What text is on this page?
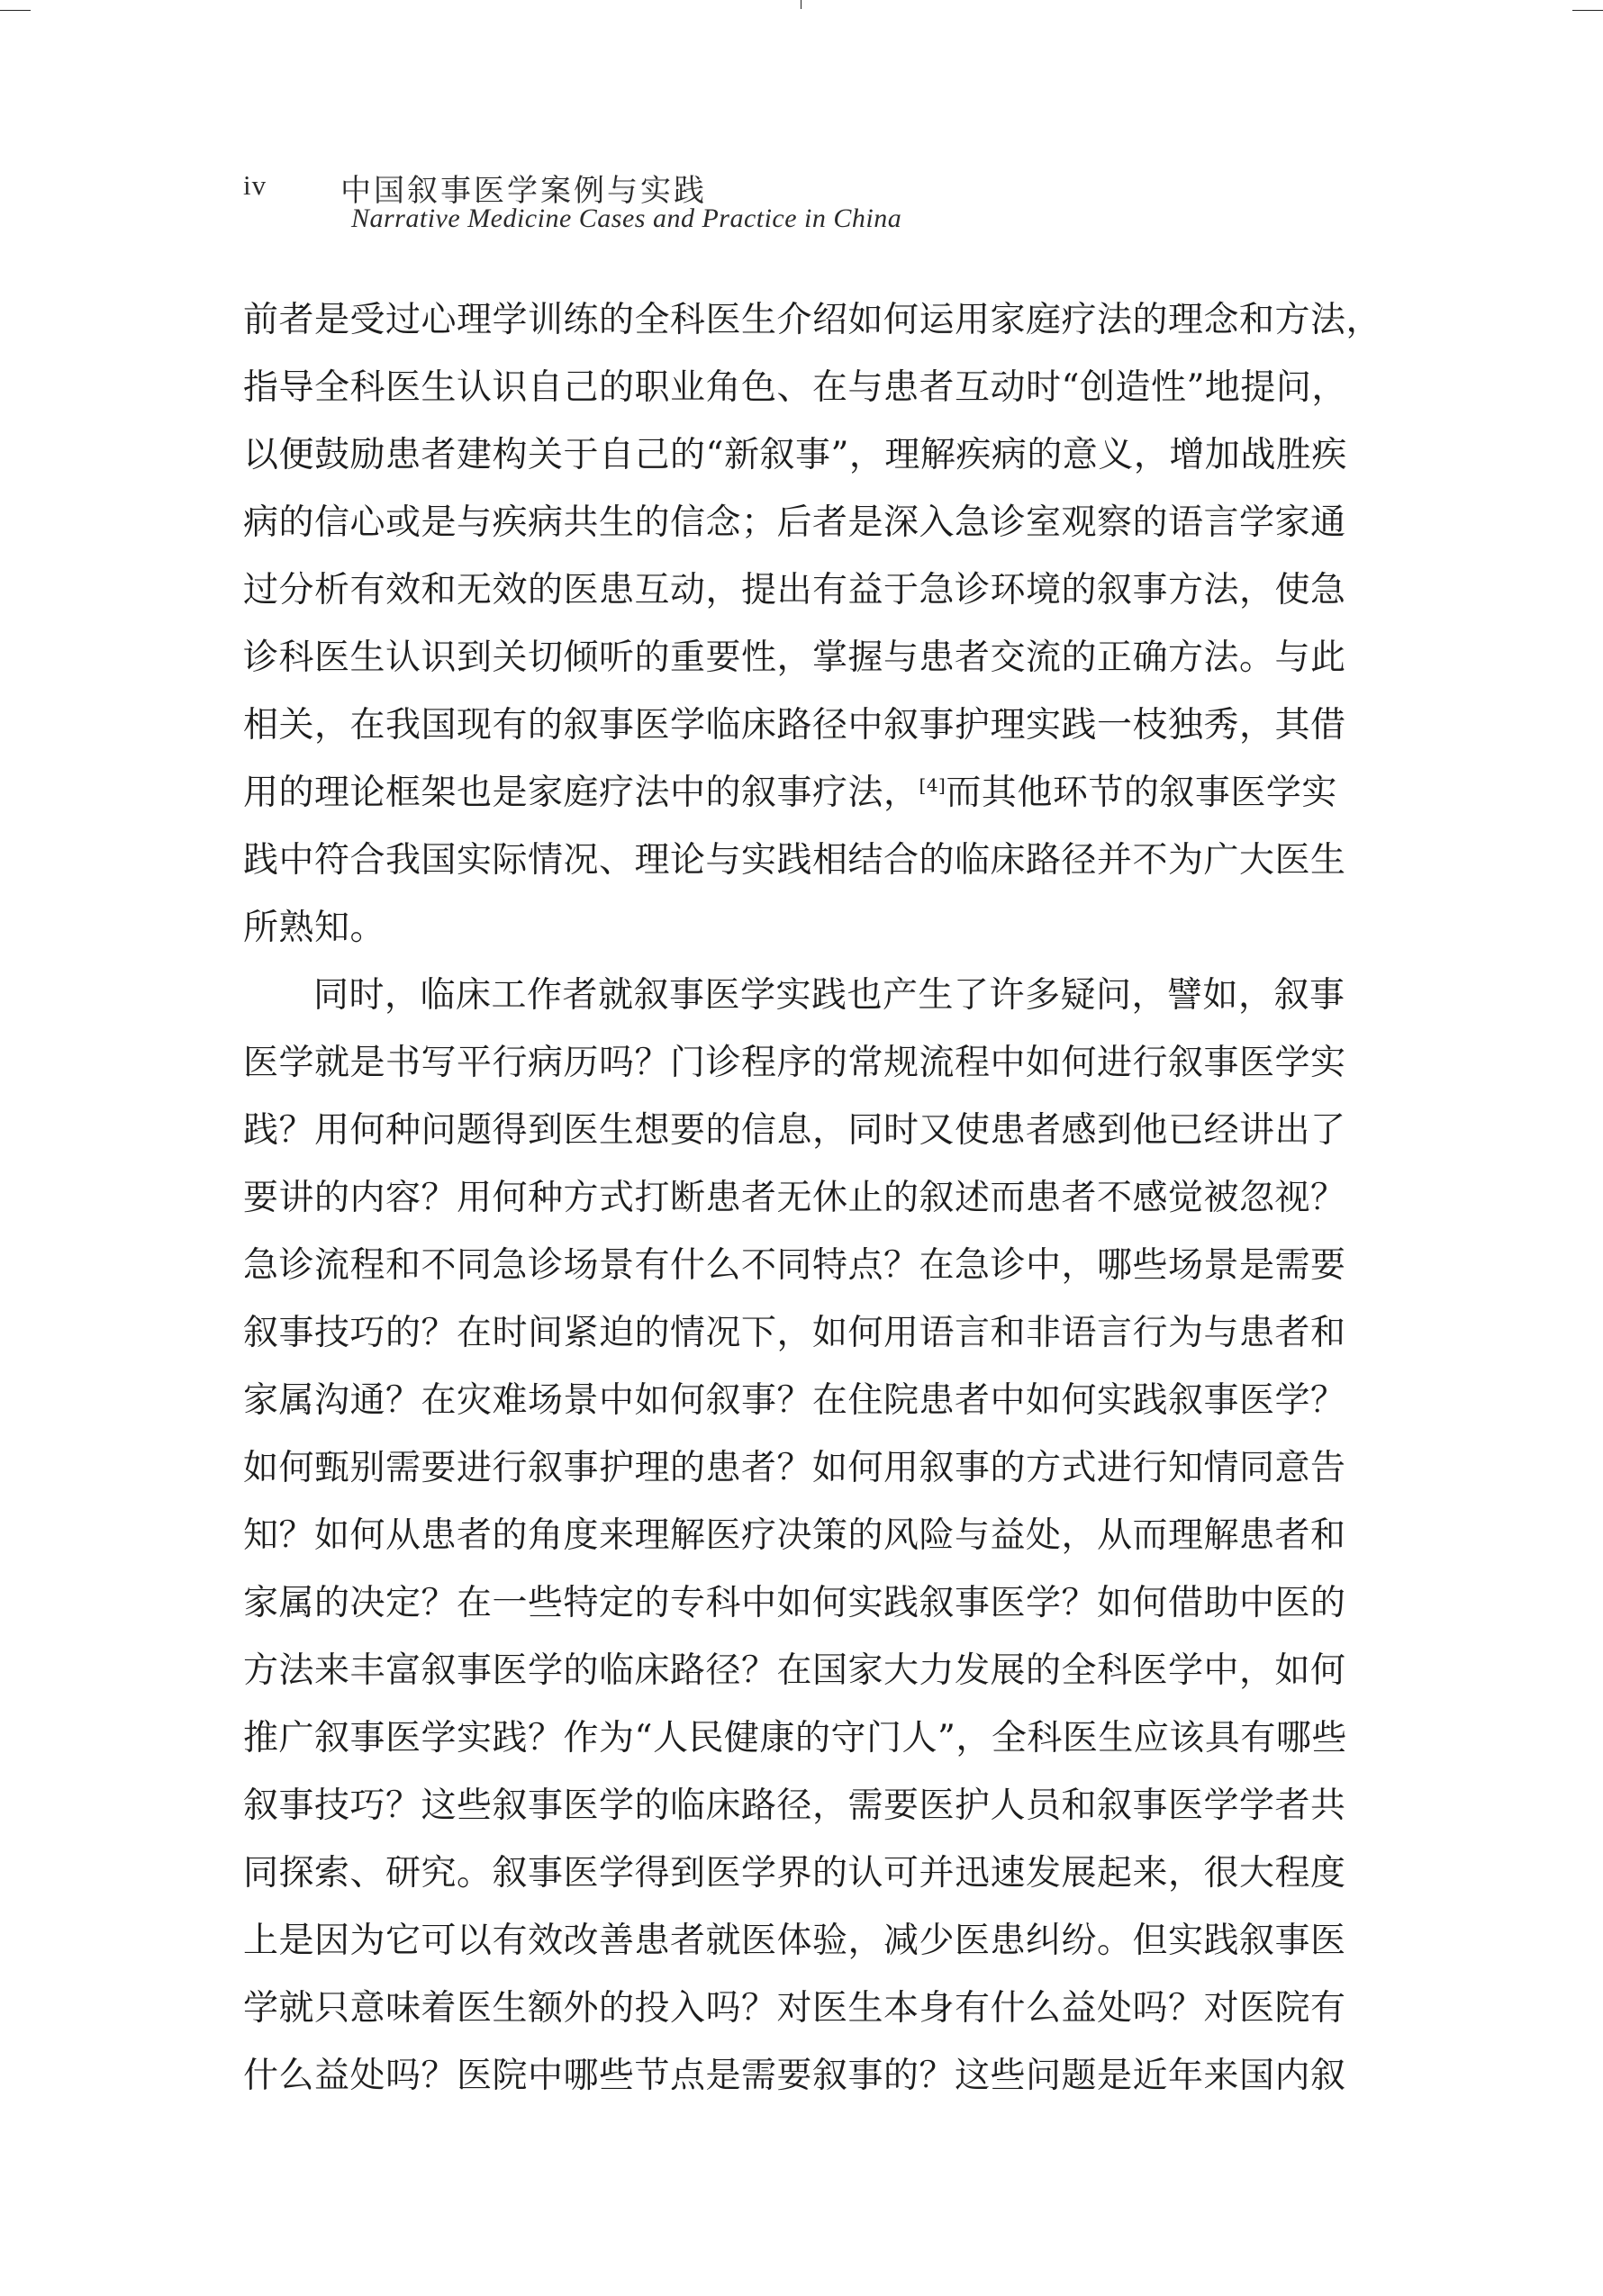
iv 中国叙事医学案例与实践
Narrative Medicine Cases and Practice in China
前者是受过心理学训练的全科医生介绍如何运用家庭疗法的理念和方法，
指导全科医生认识自己的职业角色、在与患者互动时“创造性”地提问，
以便鼓励患者建构关于自己的“新叙事”，理解疾病的意义，增加战胜疾
病的信心或是与疾病共生的信念；后者是深入急诊室观察的语言学家通
过分析有效和无效的医患互动，提出有益于急诊环境的叙事方法，使急
诊科医生认识到关切倾听的重要性，掌握与患者交流的正确方法。与此
相关，在我国现有的叙事医学临床路径中叙事护理实践一枝独秀，其借
用的理论框架也是家庭疗法中的叙事疗法，[4]而其他环节的叙事医学实
践中符合我国实际情况、理论与实践相结合的临床路径并不为广大医生
所熟知。
同时，临床工作者就叙事医学实践也产生了许多疑问，譬如，叙事
医学就是书写平行病历吗？门诊程序的常规流程中如何进行叙事医学实
践？用何种问题得到医生想要的信息，同时又使患者感到他已经讲出了
要讲的内容？用何种方式打断患者无休止的叙述而患者不感觉被忽视？
急诊流程和不同急诊场景有什么不同特点？在急诊中，哪些场景是需要
叙事技巧的？在时间紧迫的情况下，如何用语言和非语言行为与患者和
家属沟通？在灾难场景中如何叙事？在住院患者中如何实践叙事医学？
如何甄别需要进行叙事护理的患者？如何用叙事的方式进行知情同意告
知？如何从患者的角度来理解医疗决策的风险与益处，从而理解患者和
家属的决定？在一些特定的专科中如何实践叙事医学？如何借助中医的
方法来丰富叙事医学的临床路径？在国家大力发展的全科医学中，如何
推广叙事医学实践？作为“人民健康的守门人”，全科医生应该具有哪些
叙事技巧？这些叙事医学的临床路径，需要医护人员和叙事医学学者共
同探索、研究。叙事医学得到医学界的认可并迅速发展起来，很大程度
上是因为它可以有效改善患者就医体验，减少医患纠纷。但实践叙事医
学就只意味着医生额外的投入吗？对医生本身有什么益处吗？对医院有
什么益处吗？医院中哪些节点是需要叙事的？这些问题是近年来国内叙
